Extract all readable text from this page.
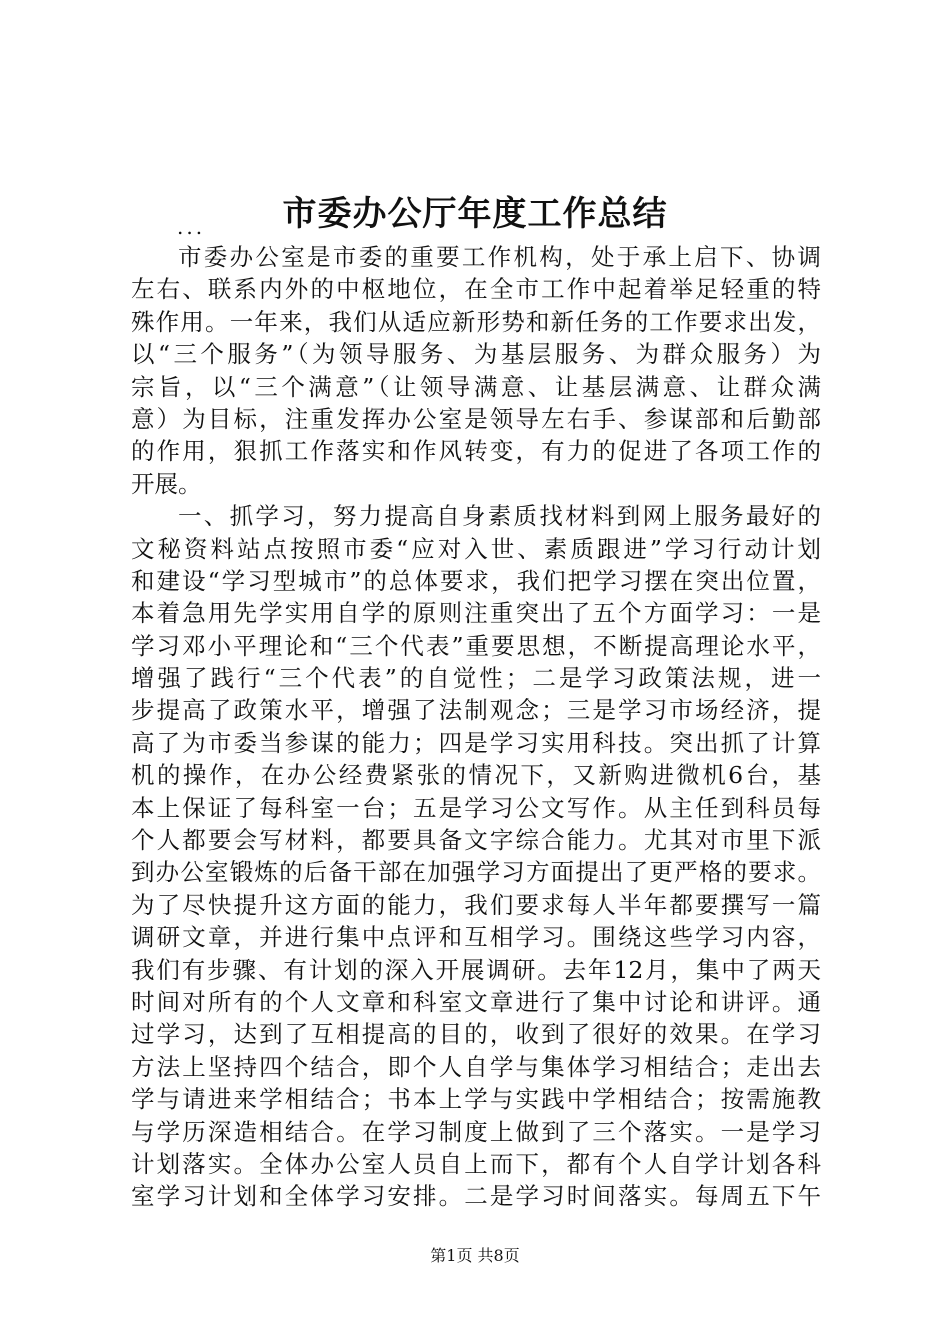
市委办公厅年度工作总结
...
市委办公室是市委的重要工作机构，处于承上启下、协调
左右、联系内外的中枢地位，在全市工作中起着举足轻重的特
殊作用。一年来，我们从适应新形势和新任务的工作要求出发，
以“三个服务”（为领导服务、为基层服务、为群众服务）为
宗旨，以“三个满意”（让领导满意、让基层满意、让群众满
意）为目标，注重发挥办公室是领导左右手、参谋部和后勤部
的作用，狠抓工作落实和作风转变，有力的促进了各项工作的
开展。
一、抓学习，努力提高自身素质找材料到网上服务最好的
文秘资料站点按照市委“应对入世、素质跟进”学习行动计划
和建设“学习型城市”的总体要求，我们把学习摆在突出位置，
本着急用先学实用自学的原则注重突出了五个方面学习：一是
学习邓小平理论和“三个代表”重要思想，不断提高理论水平，
增强了践行“三个代表”的自觉性；二是学习政策法规，进一
步提高了政策水平，增强了法制观念；三是学习市场经济，提
高了为市委当参谋的能力；四是学习实用科技。突出抓了计算
机的操作，在办公经费紧张的情况下，又新购进微机6台，基
本上保证了每科室一台；五是学习公文写作。从主任到科员每
个人都要会写材料，都要具备文字综合能力。尤其对市里下派
到办公室锻炼的后备干部在加强学习方面提出了更严格的要求。
为了尽快提升这方面的能力，我们要求每人半年都要撰写一篇
调研文章，并进行集中点评和互相学习。围绕这些学习内容，
我们有步骤、有计划的深入开展调研。去年12月，集中了两天
时间对所有的个人文章和科室文章进行了集中讨论和讲评。通
过学习，达到了互相提高的目的，收到了很好的效果。在学习
方法上坚持四个结合，即个人自学与集体学习相结合；走出去
学与请进来学相结合；书本上学与实践中学相结合；按需施教
与学历深造相结合。在学习制度上做到了三个落实。一是学习
计划落实。全体办公室人员自上而下，都有个人自学计划各科
室学习计划和全体学习安排。二是学习时间落实。每周五下午
第1页 共8页
